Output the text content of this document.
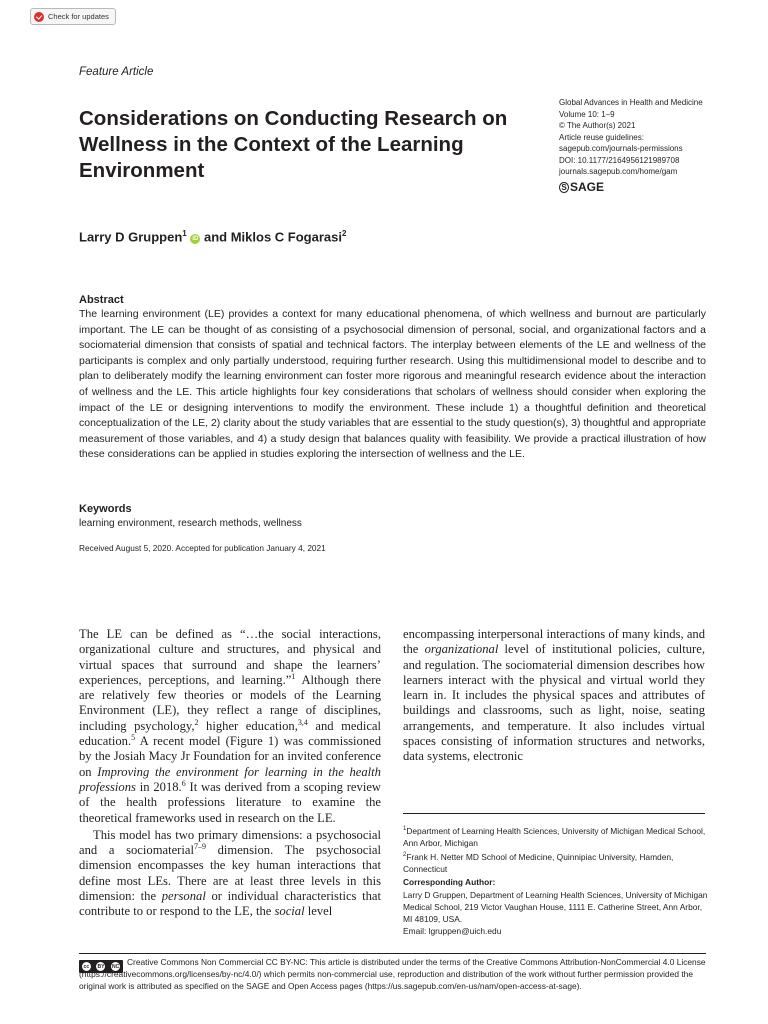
Check for updates
Feature Article
Considerations on Conducting Research on Wellness in the Context of the Learning Environment
Global Advances in Health and Medicine
Volume 10: 1–9
© The Author(s) 2021
Article reuse guidelines:
sagepub.com/journals-permissions
DOI: 10.1177/2164956121989708
journals.sagepub.com/home/gam
S SAGE
Larry D Gruppen$^1$ iD and Miklos C Fogarasi$^2$
Abstract
The learning environment (LE) provides a context for many educational phenomena, of which wellness and burnout are particularly important. The LE can be thought of as consisting of a psychosocial dimension of personal, social, and organizational factors and a sociomaterial dimension that consists of spatial and technical factors. The interplay between elements of the LE and wellness of the participants is complex and only partially understood, requiring further research. Using this multidimensional model to describe and to plan to deliberately modify the learning environment can foster more rigorous and meaningful research evidence about the interaction of wellness and the LE. This article highlights four key considerations that scholars of wellness should consider when exploring the impact of the LE or designing interventions to modify the environment. These include 1) a thoughtful definition and theoretical conceptualization of the LE, 2) clarity about the study variables that are essential to the study question(s), 3) thoughtful and appropriate measurement of those variables, and 4) a study design that balances quality with feasibility. We provide a practical illustration of how these considerations can be applied in studies exploring the intersection of wellness and the LE.
Keywords
learning environment, research methods, wellness
Received August 5, 2020. Accepted for publication January 4, 2021

The LE can be defined as “…the social interactions, organizational culture and structures, and physical and virtual spaces that surround and shape the learners’ experiences, perceptions, and learning.”$^1$ Although there are relatively few theories or models of the Learning Environment (LE), they reflect a range of disciplines, including psychology,$^2$ higher education,$^{3,4}$ and medical education.$^5$ A recent model (Figure 1) was commissioned by the Josiah Macy Jr Foundation for an invited conference on Improving the environment for learning in the health professions in 2018.$^6$ It was derived from a scoping review of the health professions literature to examine the theoretical frameworks used in research on the LE.

This model has two primary dimensions: a psychosocial and a sociomaterial$^{7-9}$ dimension. The psychosocial dimension encompasses the key human interactions that define most LEs. There are at least three levels in this dimension: the personal or individual characteristics that contribute to or respond to the LE, the social level

encompassing interpersonal interactions of many kinds, and the organizational level of institutional policies, culture, and regulation. The sociomaterial dimension describes how learners interact with the physical and virtual world they learn in. It includes the physical spaces and attributes of buildings and classrooms, such as light, noise, seating arrangements, and temperature. It also includes virtual spaces consisting of information structures and networks, data systems, electronic

$^1$Department of Learning Health Sciences, University of Michigan Medical School, Ann Arbor, Michigan
$^2$Frank H. Netter MD School of Medicine, Quinnipiac University, Hamden, Connecticut
Corresponding Author:
Larry D Gruppen, Department of Learning Health Sciences, University of Michigan Medical School, 219 Victor Vaughan House, 1111 E. Catherine Street, Ann Arbor, MI 48109, USA.
Email: lgruppen@uich.edu
cc	BY NC Creative Commons Non Commercial CC BY-NC: This article is distributed under the terms of the Creative Commons Attribution-NonCommercial 4.0 License (https://creativecommons.org/licenses/by-nc/4.0/) which permits non-commercial use, reproduction and distribution of the work without further permission provided the original work is attributed as specified on the SAGE and Open Access pages (https://us.sagepub.com/en-us/nam/open-access-at-sage).
